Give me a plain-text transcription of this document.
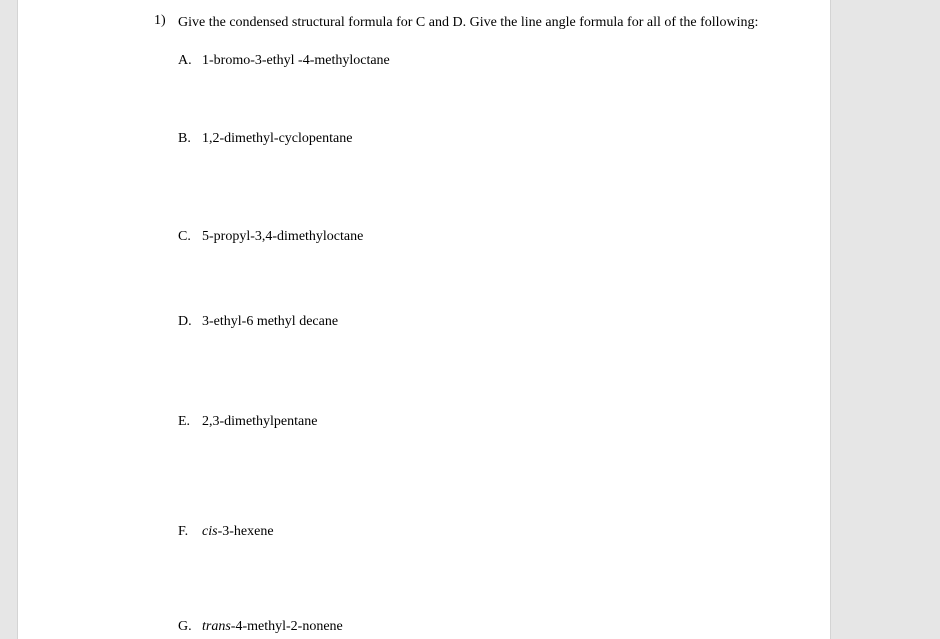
1) Give the condensed structural formula for C and D. Give the line angle formula for all of the following:
A. 1-bromo-3-ethyl -4-methyloctane
B. 1,2-dimethyl-cyclopentane
C. 5-propyl-3,4-dimethyloctane
D. 3-ethyl-6 methyl decane
E. 2,3-dimethylpentane
F. cis-3-hexene
G. trans-4-methyl-2-nonene
